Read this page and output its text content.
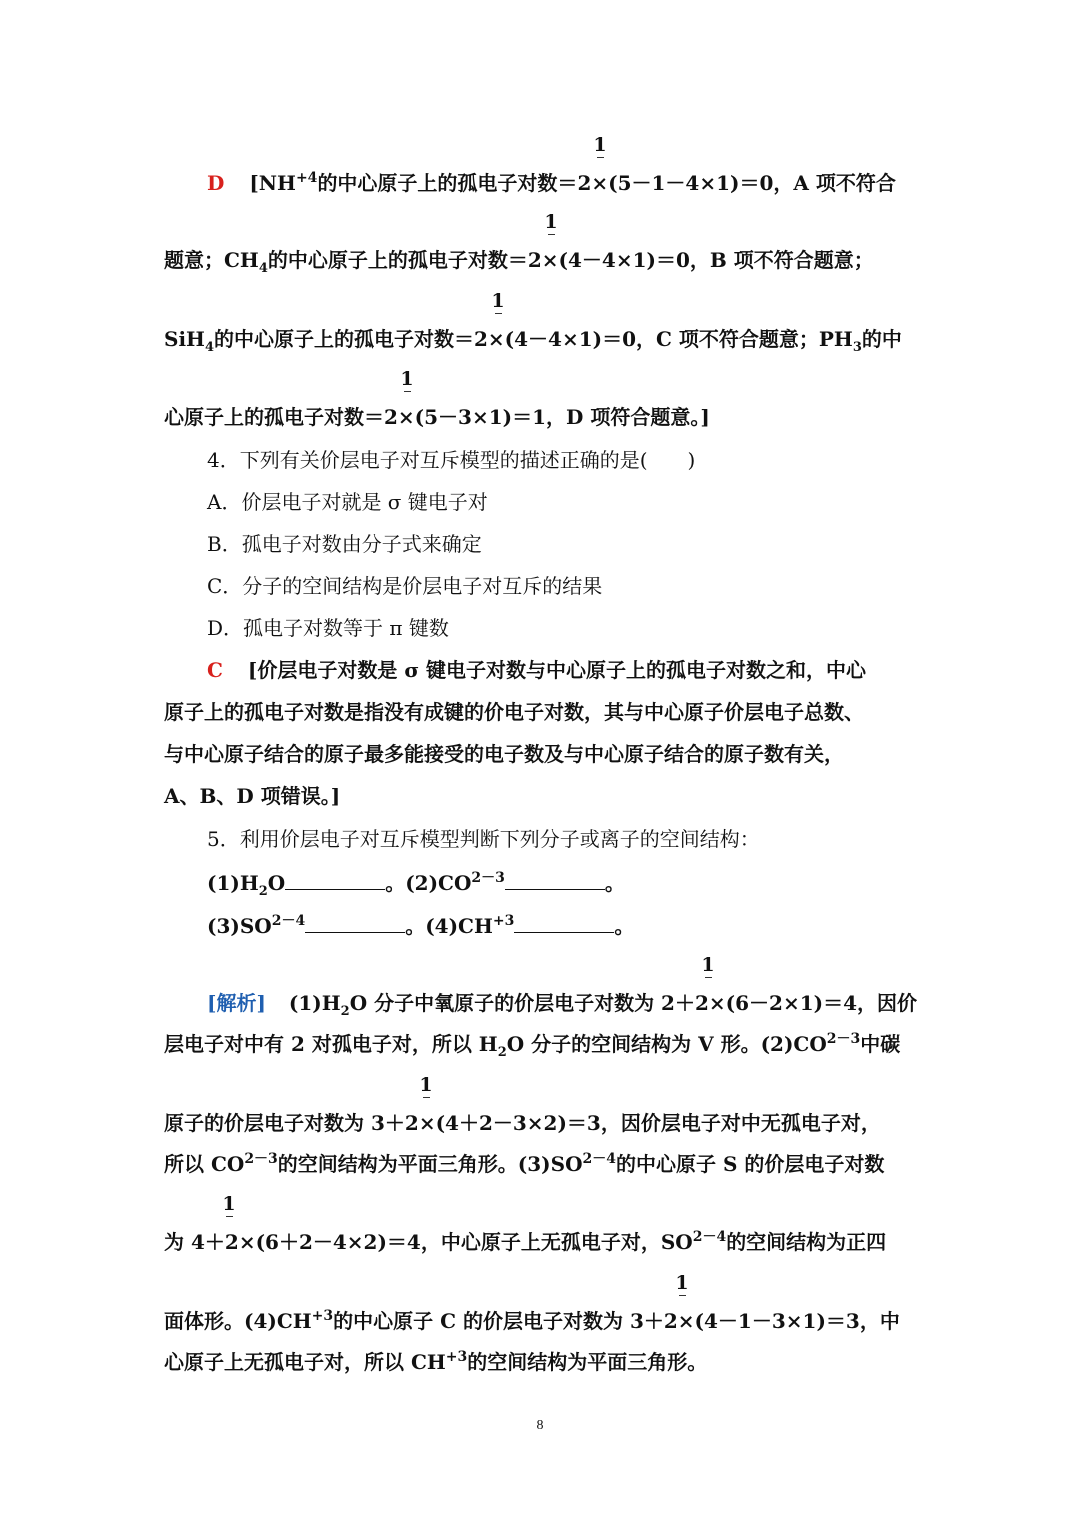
1
1
1
1
1
1
1
1
D [$NH^{+4}$的中心原子上的孤电子对数＝2×(5－1－4×1)＝0，A 项不符合
题意；$CH_4$的中心原子上的孤电子对数＝2×(4－4×1)＝0，B 项不符合题意；
SiH$_4$的中心原子上的孤电子对数＝2×(4－4×1)＝0，C 项不符合题意；$PH_3$的中
心原子上的孤电子对数＝2×(5－3×1)＝1，D 项符合题意。]
4．下列有关价层电子对互斥模型的描述正确的是(　　)
A．价层电子对就是 σ 键电子对
B．孤电子对数由分子式来确定
C．分子的空间结构是价层电子对互斥的结果
D．孤电子对数等于 π 键数
C [价层电子对数是 σ 键电子对数与中心原子上的孤电子对数之和，中心
原子上的孤电子对数是指没有成键的价电子对数，其与中心原子价层电子总数、
与中心原子结合的原子最多能接受的电子数及与中心原子结合的原子数有关，
A、B、D 项错误。]
5．利用价层电子对互斥模型判断下列分子或离子的空间结构：
$(1)H_2O$	。$(2)CO^{2-3}$	。
$(3)SO^{2-4}$	。$(4)CH^{+3}$	。
[解析] $(1)H_2O$ 分子中氧原子的价层电子对数为 2＋2×(6－2×1)＝4，因价
层电子对中有 2 对孤电子对，所以 $H_2O$ 分子的空间结构为 V 形。$(2)CO^{2-3}$中碳
原子的价层电子对数为 3＋2×(4＋2－3×2)＝3，因价层电子对中无孤电子对，
所以 $CO^{2-3}$的空间结构为平面三角形。$(3)SO^{2-4}$的中心原子 S 的价层电子对数
为 4＋2×(6＋2－4×2)＝4，中心原子上无孤电子对，$SO^{2-4}$的空间结构为正四
面体形。$(4)CH^{+3}$的中心原子 C 的价层电子对数为 3＋2×(4－1－3×1)＝3，中
心原子上无孤电子对，所以 $CH^{+3}$的空间结构为平面三角形。
8
